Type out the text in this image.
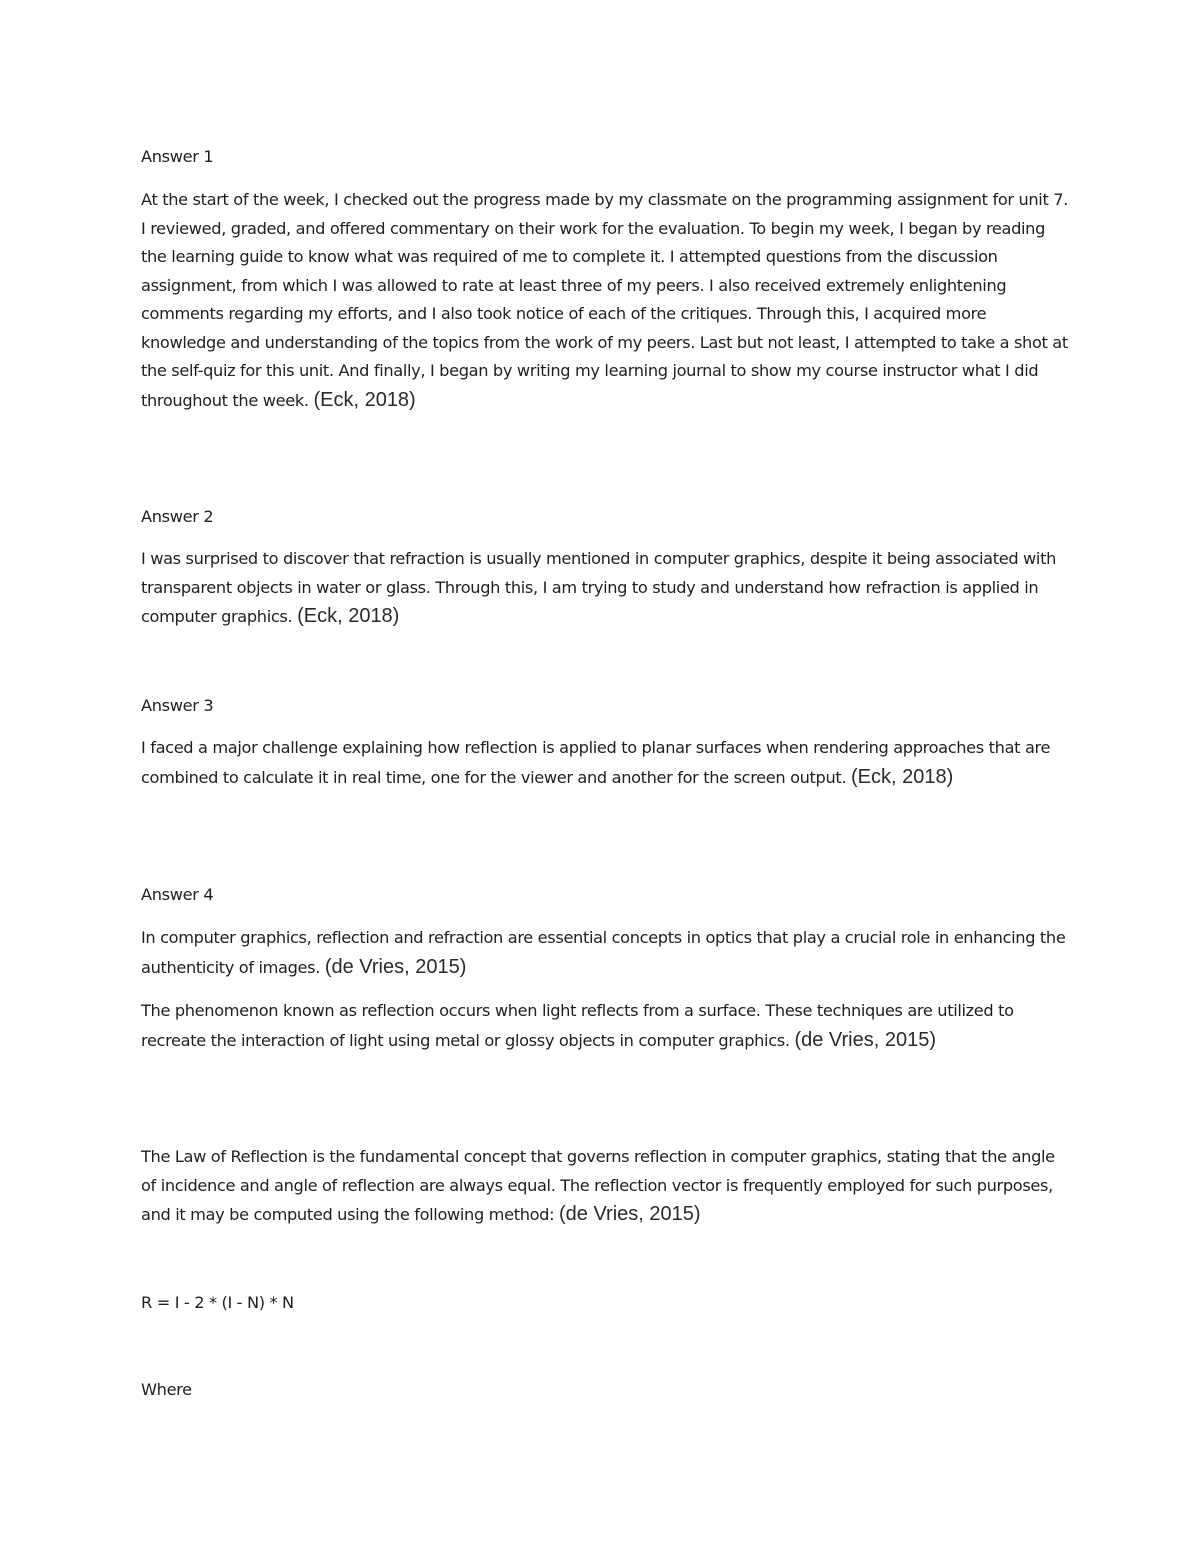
Answer 1
At the start of the week, I checked out the progress made by my classmate on the programming assignment for unit 7. I reviewed, graded, and offered commentary on their work for the evaluation. To begin my week, I began by reading the learning guide to know what was required of me to complete it. I attempted questions from the discussion assignment, from which I was allowed to rate at least three of my peers. I also received extremely enlightening comments regarding my efforts, and I also took notice of each of the critiques. Through this, I acquired more knowledge and understanding of the topics from the work of my peers. Last but not least, I attempted to take a shot at the self-quiz for this unit. And finally, I began by writing my learning journal to show my course instructor what I did throughout the week. (Eck, 2018)
Answer 2
I was surprised to discover that refraction is usually mentioned in computer graphics, despite it being associated with transparent objects in water or glass. Through this, I am trying to study and understand how refraction is applied in computer graphics. (Eck, 2018)
Answer 3
I faced a major challenge explaining how reflection is applied to planar surfaces when rendering approaches that are combined to calculate it in real time, one for the viewer and another for the screen output. (Eck, 2018)
Answer 4
In computer graphics, reflection and refraction are essential concepts in optics that play a crucial role in enhancing the authenticity of images. (de Vries, 2015)
The phenomenon known as reflection occurs when light reflects from a surface. These techniques are utilized to recreate the interaction of light using metal or glossy objects in computer graphics. (de Vries, 2015)
The Law of Reflection is the fundamental concept that governs reflection in computer graphics, stating that the angle of incidence and angle of reflection are always equal. The reflection vector is frequently employed for such purposes, and it may be computed using the following method: (de Vries, 2015)
R = I - 2 * (I - N) * N
Where
